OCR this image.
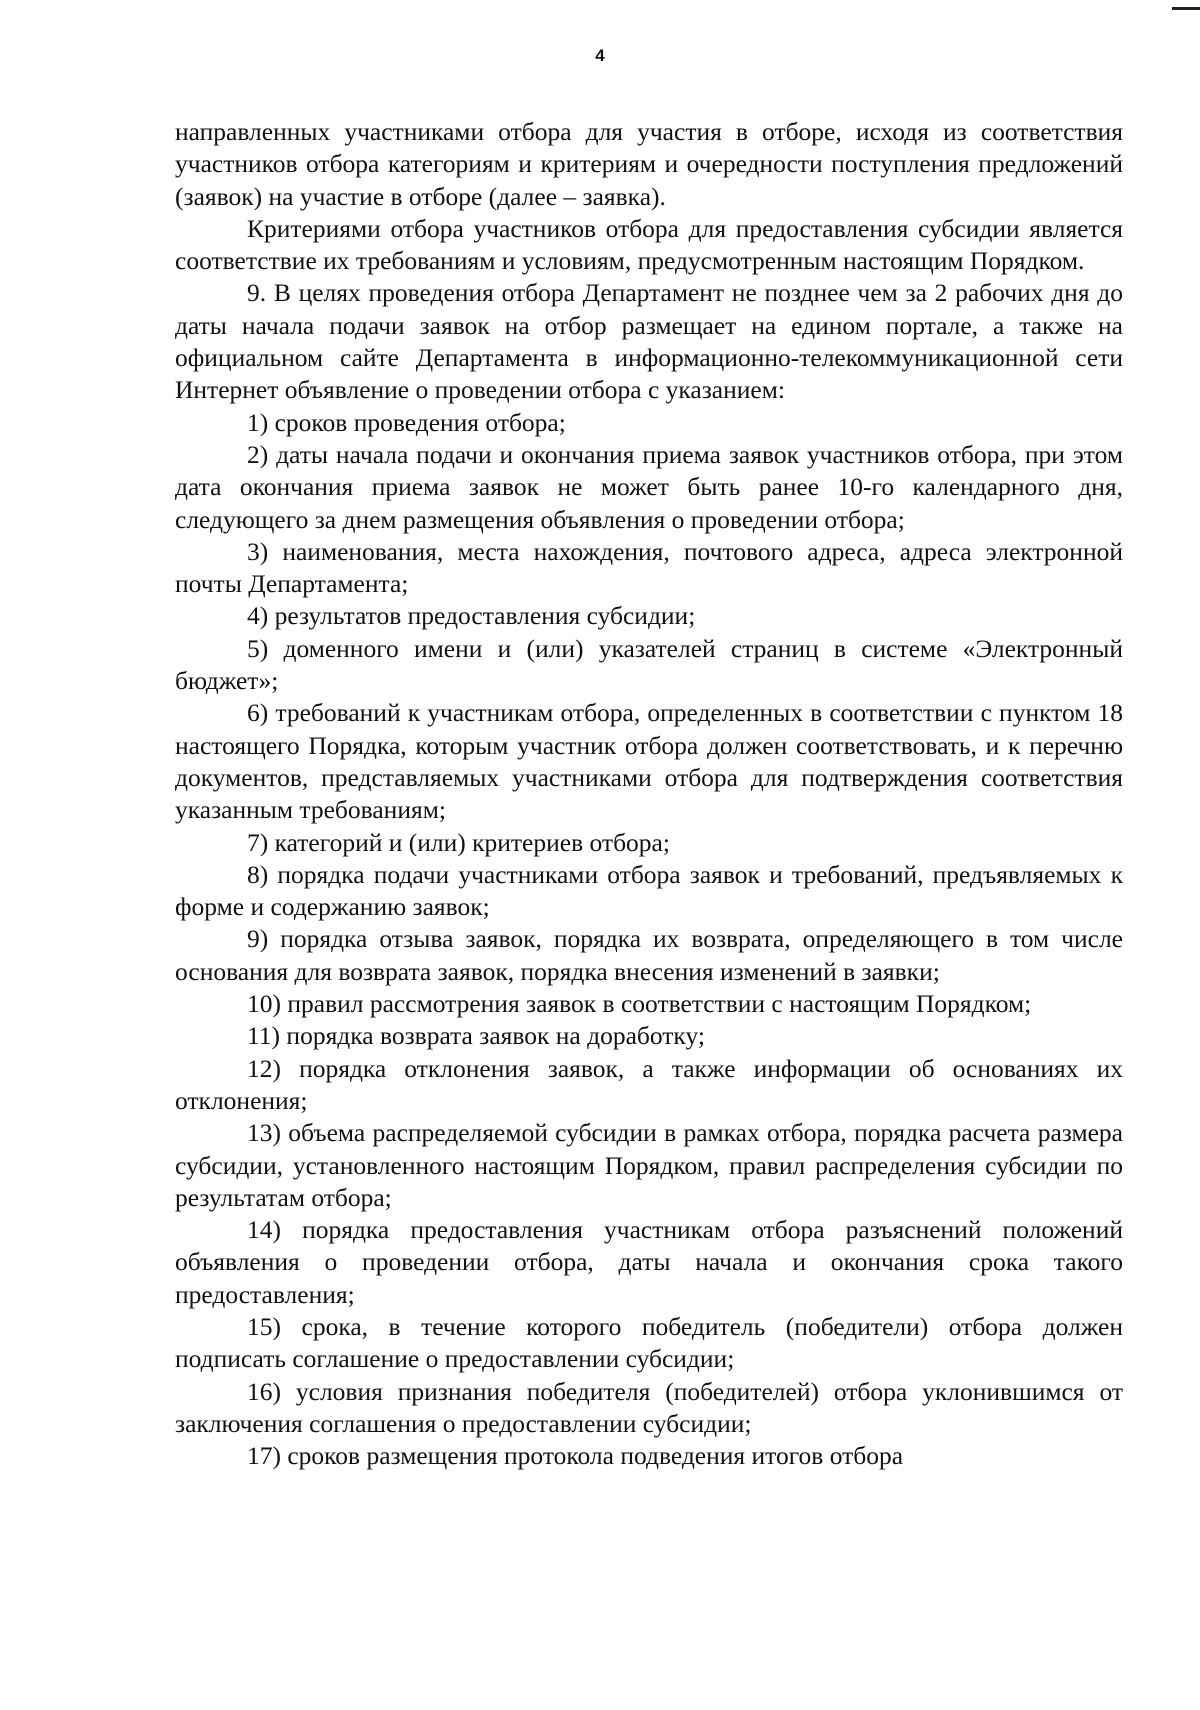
4

направленных участниками отбора для участия в отборе, исходя из соответствия участников отбора категориям и критериям и очередности поступления предложений (заявок) на участие в отборе (далее – заявка).

Критериями отбора участников отбора для предоставления субсидии является соответствие их требованиям и условиям, предусмотренным настоящим Порядком.

9. В целях проведения отбора Департамент не позднее чем за 2 рабочих дня до даты начала подачи заявок на отбор размещает на едином портале, а также на официальном сайте Департамента в информационно-телекоммуникационной сети Интернет объявление о проведении отбора с указанием:

1) сроков проведения отбора;

2) даты начала подачи и окончания приема заявок участников отбора, при этом дата окончания приема заявок не может быть ранее 10-го календарного дня, следующего за днем размещения объявления о проведении отбора;

3) наименования, места нахождения, почтового адреса, адреса электронной почты Департамента;

4) результатов предоставления субсидии;

5) доменного имени и (или) указателей страниц в системе «Электронный бюджет»;

6) требований к участникам отбора, определенных в соответствии с пунктом 18 настоящего Порядка, которым участник отбора должен соответствовать, и к перечню документов, представляемых участниками отбора для подтверждения соответствия указанным требованиям;

7) категорий и (или) критериев отбора;

8) порядка подачи участниками отбора заявок и требований, предъявляемых к форме и содержанию заявок;

9) порядка отзыва заявок, порядка их возврата, определяющего в том числе основания для возврата заявок, порядка внесения изменений в заявки;

10) правил рассмотрения заявок в соответствии с настоящим Порядком;

11) порядка возврата заявок на доработку;

12) порядка отклонения заявок, а также информации об основаниях их отклонения;

13) объема распределяемой субсидии в рамках отбора, порядка расчета размера субсидии, установленного настоящим Порядком, правил распределения субсидии по результатам отбора;

14) порядка предоставления участникам отбора разъяснений положений объявления о проведении отбора, даты начала и окончания срока такого предоставления;

15) срока, в течение которого победитель (победители) отбора должен подписать соглашение о предоставлении субсидии;

16) условия признания победителя (победителей) отбора уклонившимся от заключения соглашения о предоставлении субсидии;

17) сроков размещения протокола подведения итогов отбора
